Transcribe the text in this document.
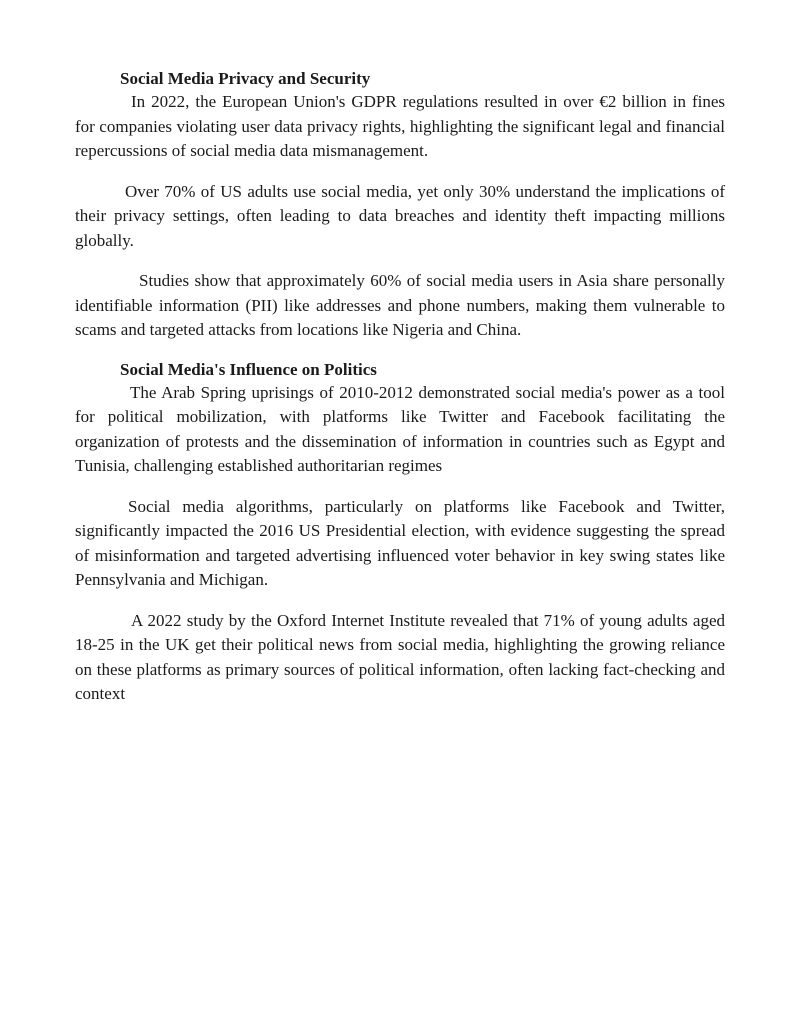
Social Media Privacy and Security

In 2022, the European Union's GDPR regulations resulted in over €2 billion in fines for companies violating user data privacy rights, highlighting the significant legal and financial repercussions of social media data mismanagement.

Over 70% of US adults use social media, yet only 30% understand the implications of their privacy settings, often leading to data breaches and identity theft impacting millions globally.

Studies show that approximately 60% of social media users in Asia share personally identifiable information (PII) like addresses and phone numbers, making them vulnerable to scams and targeted attacks from locations like Nigeria and China.

Social Media's Influence on Politics

The Arab Spring uprisings of 2010-2012 demonstrated social media's power as a tool for political mobilization, with platforms like Twitter and Facebook facilitating the organization of protests and the dissemination of information in countries such as Egypt and Tunisia, challenging established authoritarian regimes

Social media algorithms, particularly on platforms like Facebook and Twitter, significantly impacted the 2016 US Presidential election, with evidence suggesting the spread of misinformation and targeted advertising influenced voter behavior in key swing states like Pennsylvania and Michigan.

A 2022 study by the Oxford Internet Institute revealed that 71% of young adults aged 18-25 in the UK get their political news from social media, highlighting the growing reliance on these platforms as primary sources of political information, often lacking fact-checking and context
